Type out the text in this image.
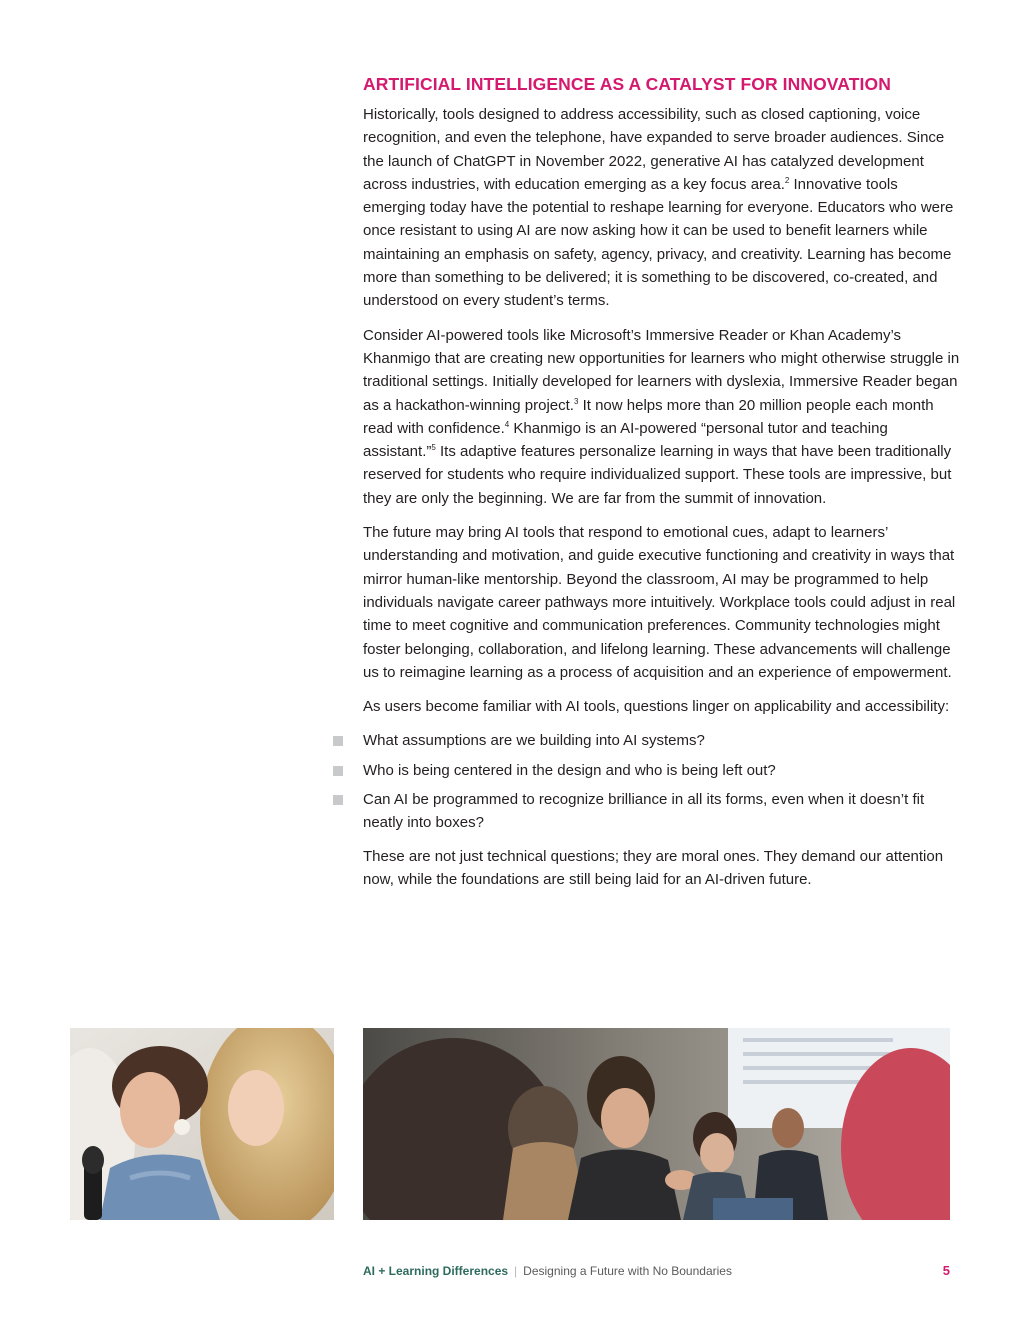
ARTIFICIAL INTELLIGENCE AS A CATALYST FOR INNOVATION
Historically, tools designed to address accessibility, such as closed captioning, voice recognition, and even the telephone, have expanded to serve broader audiences. Since the launch of ChatGPT in November 2022, generative AI has catalyzed development across industries, with education emerging as a key focus area.$^2$ Innovative tools emerging today have the potential to reshape learning for everyone. Educators who were once resistant to using AI are now asking how it can be used to benefit learners while maintaining an emphasis on safety, agency, privacy, and creativity. Learning has become more than something to be delivered; it is something to be discovered, co-created, and understood on every student’s terms.
Consider AI-powered tools like Microsoft’s Immersive Reader or Khan Academy’s Khanmigo that are creating new opportunities for learners who might otherwise struggle in traditional settings. Initially developed for learners with dyslexia, Immersive Reader began as a hackathon-winning project.$^3$ It now helps more than 20 million people each month read with confidence.$^4$ Khanmigo is an AI-powered “personal tutor and teaching assistant.”$^5$ Its adaptive features personalize learning in ways that have been traditionally reserved for students who require individualized support. These tools are impressive, but they are only the beginning. We are far from the summit of innovation.
The future may bring AI tools that respond to emotional cues, adapt to learners’ understanding and motivation, and guide executive functioning and creativity in ways that mirror human-like mentorship. Beyond the classroom, AI may be programmed to help individuals navigate career pathways more intuitively. Workplace tools could adjust in real time to meet cognitive and communication preferences. Community technologies might foster belonging, collaboration, and lifelong learning. These advancements will challenge us to reimagine learning as a process of acquisition and an experience of empowerment.
As users become familiar with AI tools, questions linger on applicability and accessibility:
What assumptions are we building into AI systems?
Who is being centered in the design and who is being left out?
Can AI be programmed to recognize brilliance in all its forms, even when it doesn’t fit neatly into boxes?
These are not just technical questions; they are moral ones. They demand our attention now, while the foundations are still being laid for an AI-driven future.
AI + Learning Differences | Designing a Future with No Boundaries	5
